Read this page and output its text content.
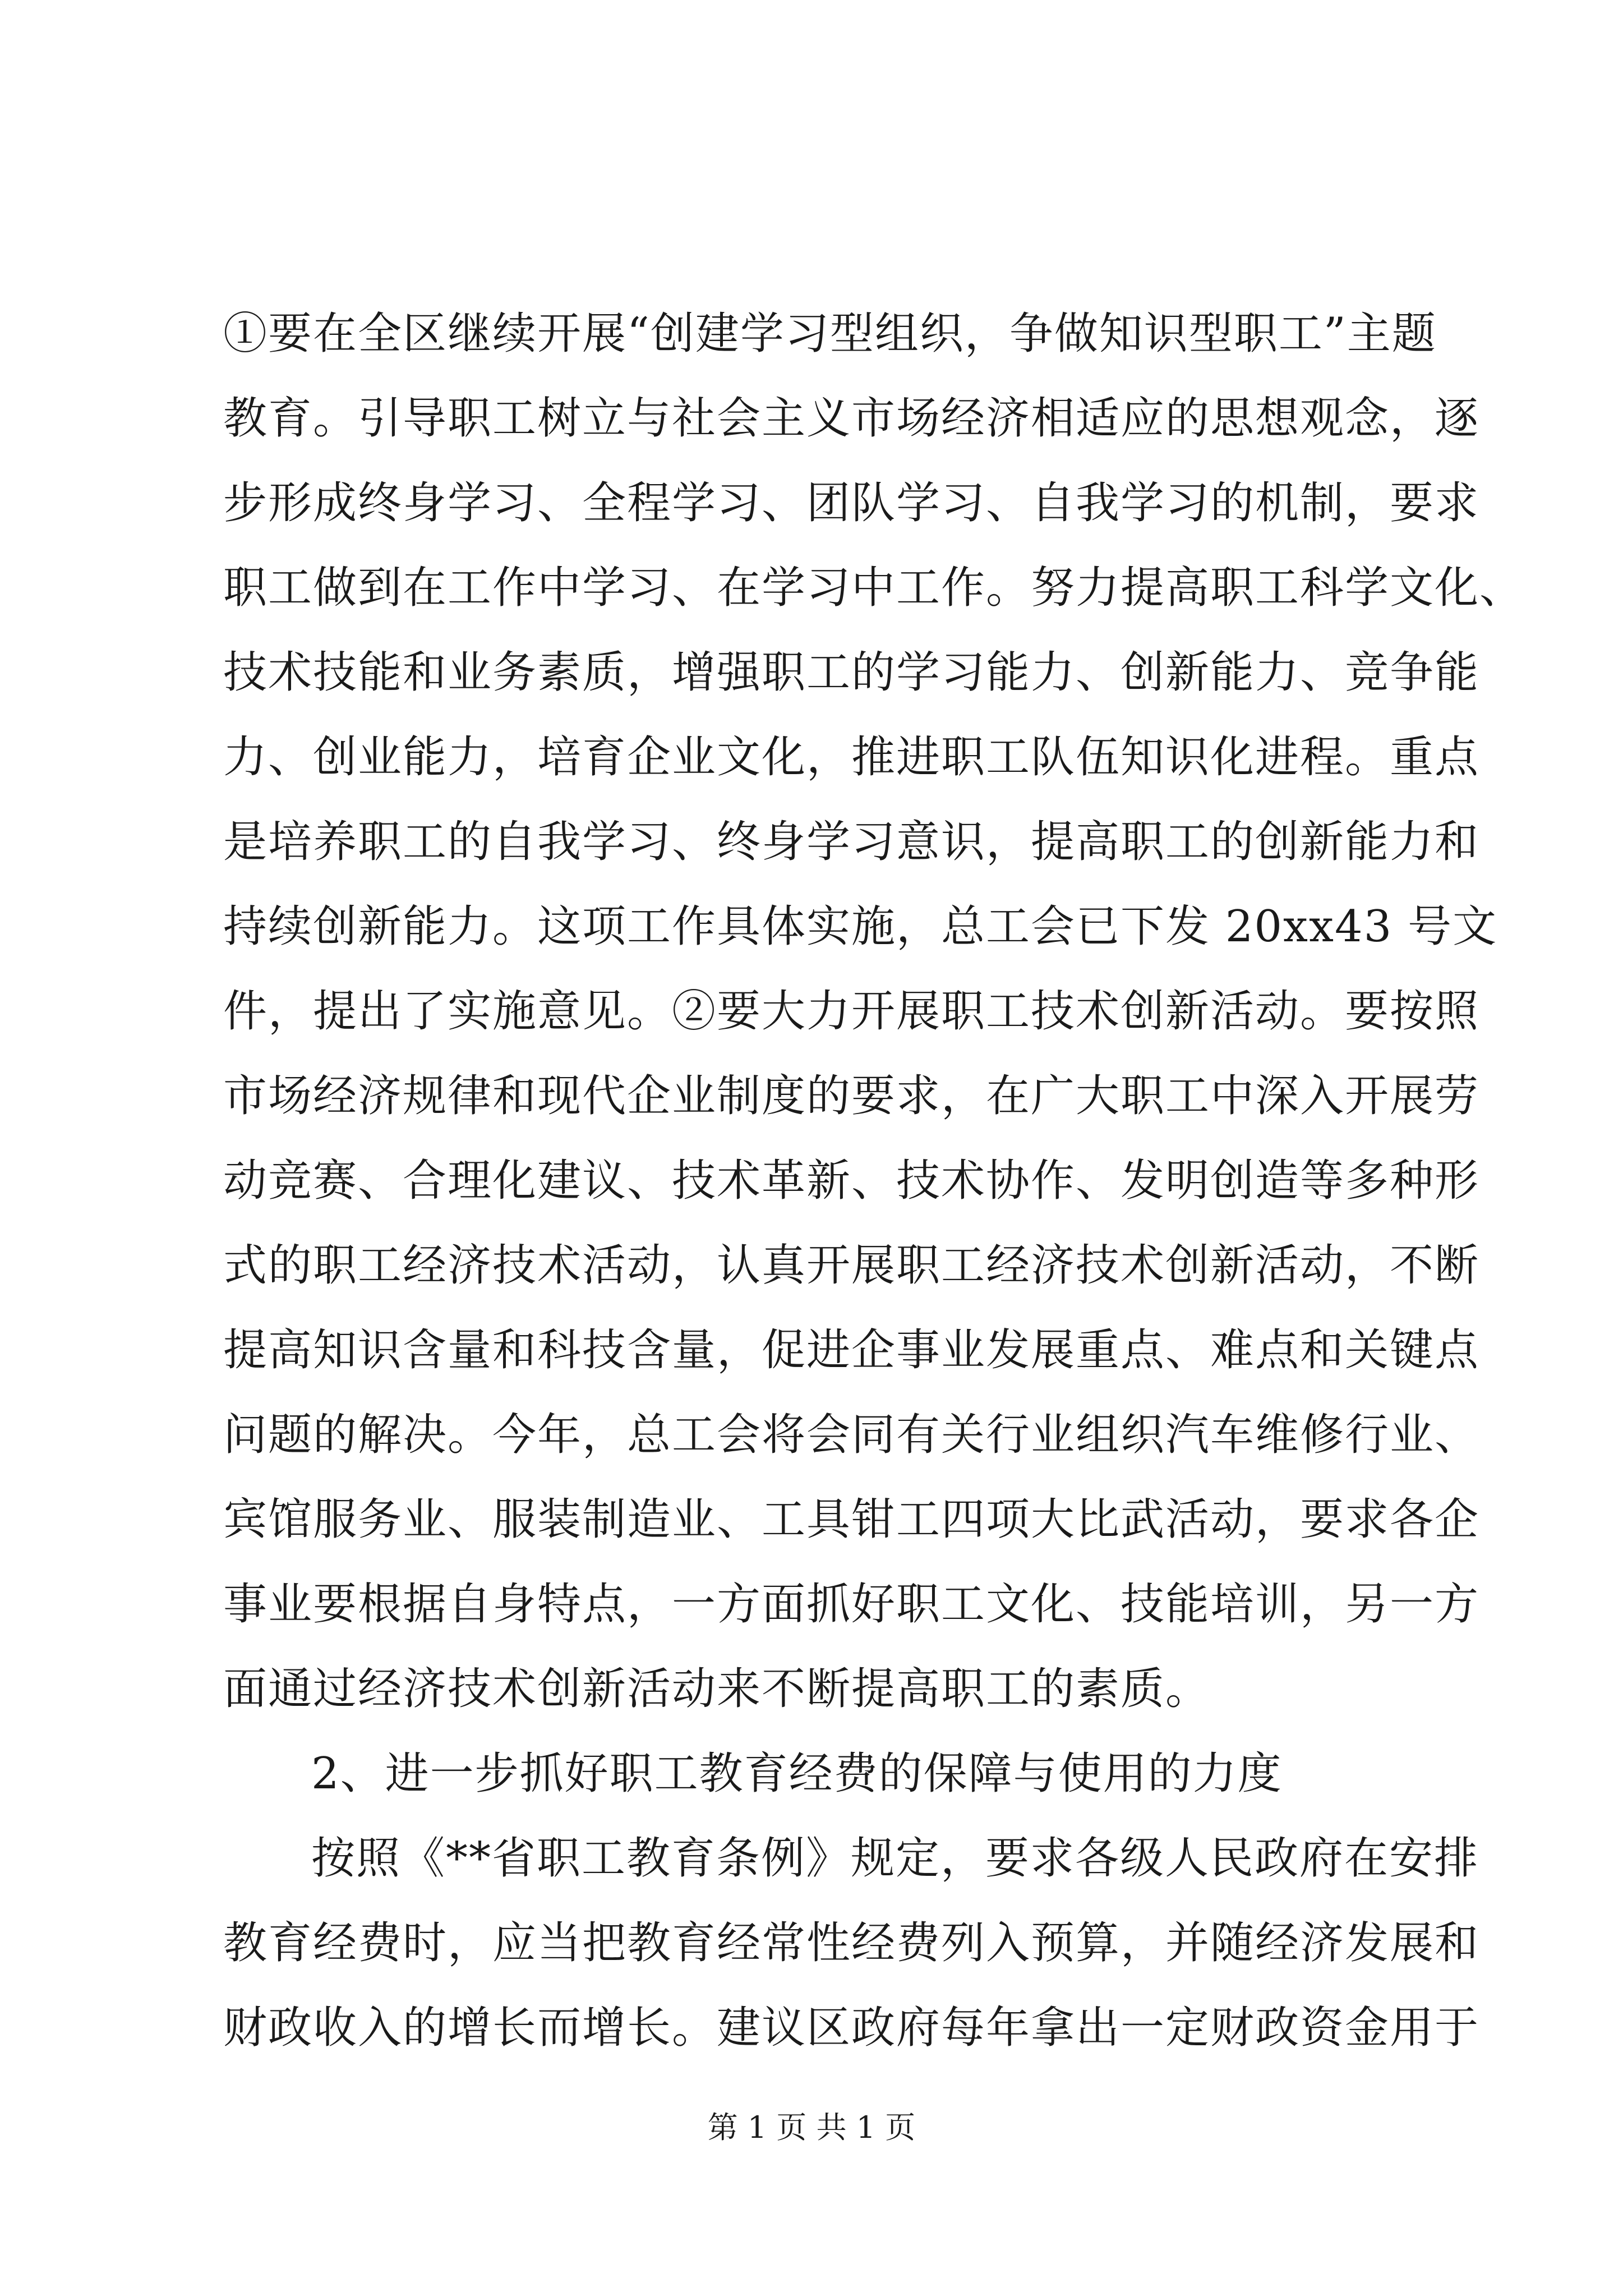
①要在全区继续开展“创建学习型组织，争做知识型职工”主题
教育。引导职工树立与社会主义市场经济相适应的思想观念，逐
步形成终身学习、全程学习、团队学习、自我学习的机制，要求
职工做到在工作中学习、在学习中工作。努力提高职工科学文化、
技术技能和业务素质，增强职工的学习能力、创新能力、竞争能
力、创业能力，培育企业文化，推进职工队伍知识化进程。重点
是培养职工的自我学习、终身学习意识，提高职工的创新能力和
持续创新能力。这项工作具体实施，总工会已下发 20xx43 号文
件，提出了实施意见。②要大力开展职工技术创新活动。要按照
市场经济规律和现代企业制度的要求，在广大职工中深入开展劳
动竞赛、合理化建议、技术革新、技术协作、发明创造等多种形
式的职工经济技术活动，认真开展职工经济技术创新活动，不断
提高知识含量和科技含量，促进企事业发展重点、难点和关键点
问题的解决。今年，总工会将会同有关行业组织汽车维修行业、
宾馆服务业、服装制造业、工具钳工四项大比武活动，要求各企
事业要根据自身特点，一方面抓好职工文化、技能培训，另一方
面通过经济技术创新活动来不断提高职工的素质。
2、进一步抓好职工教育经费的保障与使用的力度
按照《**省职工教育条例》规定，要求各级人民政府在安排
教育经费时，应当把教育经常性经费列入预算，并随经济发展和
财政收入的增长而增长。建议区政府每年拿出一定财政资金用于
第 1 页 共 1 页
